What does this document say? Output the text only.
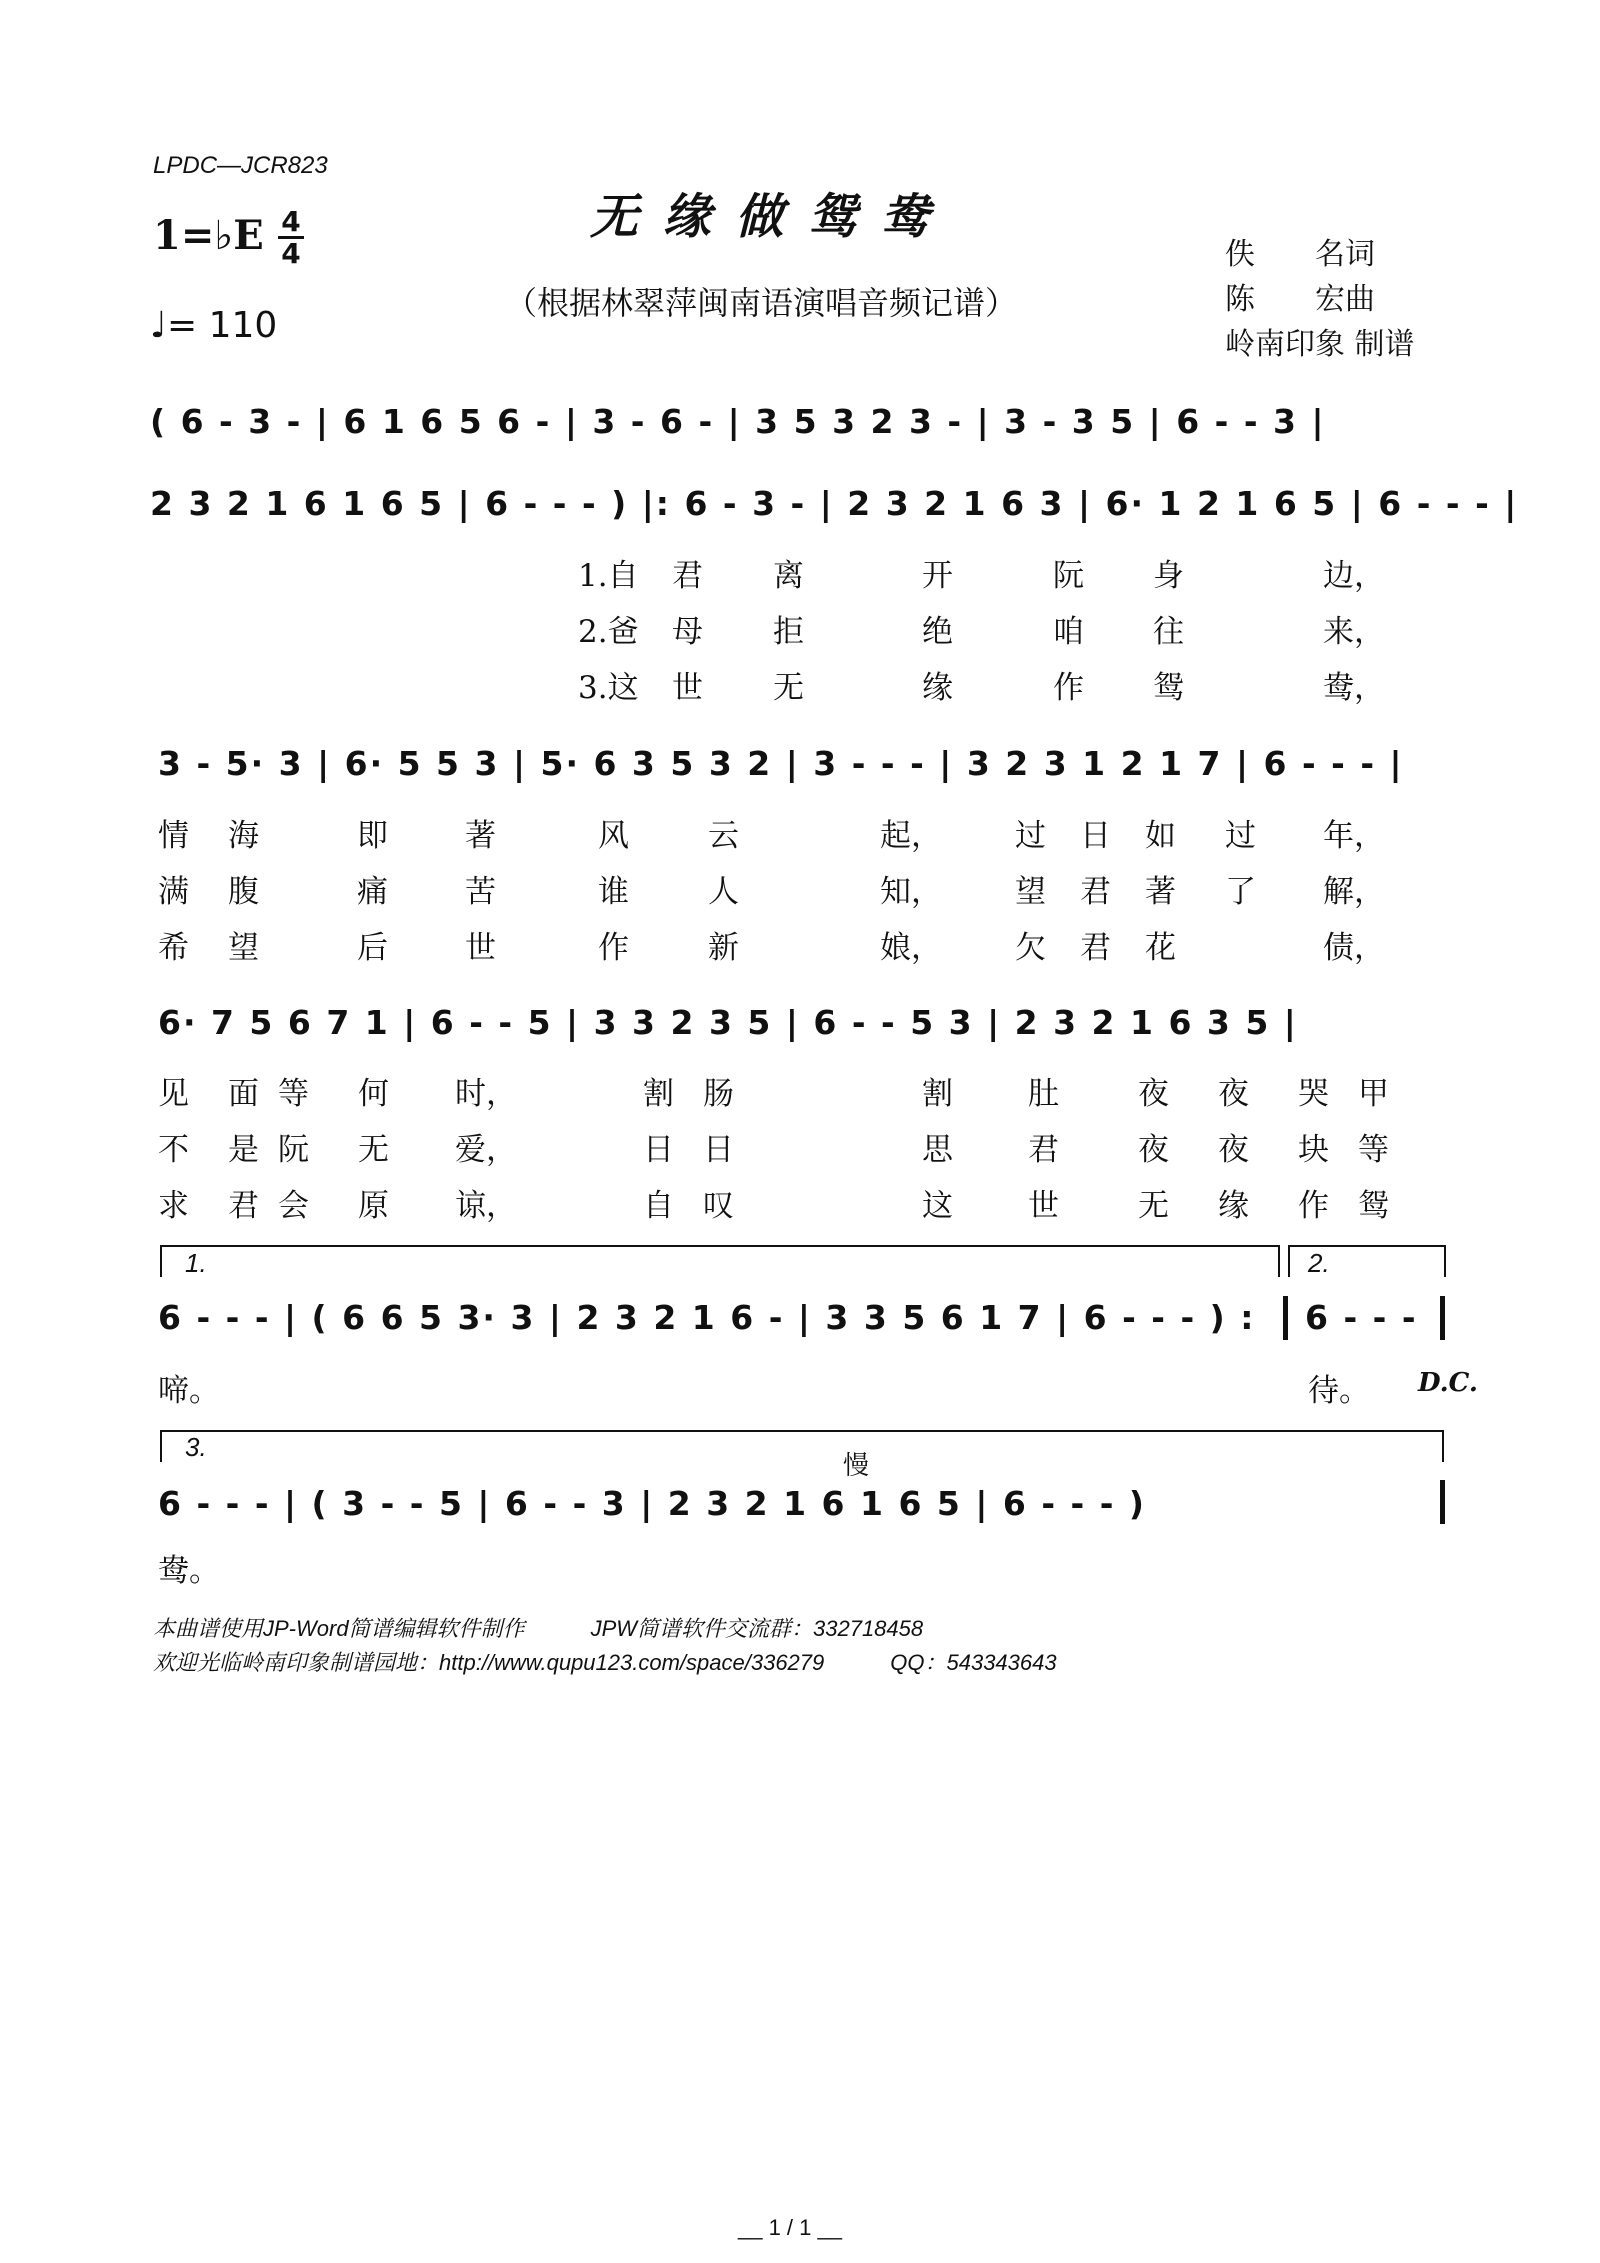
LPDC—JCR823
无 缘 做 鸳 鸯
（根据林翠萍闽南语演唱音频记谱）
1=♭E 4
4
♩= 110
佚　　名词
陈　　宏曲
岭南印象 制谱
( 6 - 3 - | 6 1 6 5 6 - | 3 - 6 - | 3 5 3 2 3 - | 3 - 3 5 | 6 - - 3 |
2 3 2 1 6 1 6 5 | 6 - - - ) |: 6 - 3 - | 2 3 2 1 6 3 | 6· 1 2 1 6 5 | 6 - - - |
1.自 君 离	开	阮 身	边，
2.爸 母 拒	绝	咱 往	来，
3.这 世 无	缘	作 鸳	鸯，
3 - 5· 3 | 6· 5 5 3 | 5· 6 3 5 3 2 | 3 - - - | 3 2 3 1 2 1 7 | 6 - - - |
情 海	即 著	风	云	起， 过 日 如 过 年，
满 腹	痛 苦	谁	人	知， 望 君 著 了 解，
希 望	后 世	作	新	娘， 欠 君 花	债，
6· 7 5 6 7 1 | 6 - - 5 | 3 3 2 3 5 | 6 - - 5 3 | 2 3 2 1 6 3 5 |
见 面 等 何 时，	割 肠	割 肚	夜 夜 哭 甲
不 是 阮 无 爱，	日 日	思 君	夜 夜 块 等
求 君 会 原 谅，	自 叹	这 世	无 缘 作 鸳
1.	2.
6 - - - | ( 6 6 5 3· 3 | 2 3 2 1 6 - | 3 3 5 6 1 7 | 6 - - - ) : 6 - - -
啼。	待。 D.C.
3.
慢
6 - - - | ( 3 - - 5 | 6 - - 3 | 2 3 2 1 6 1 6 5 | 6 - - - )
鸯。
本曲谱使用JP-Word简谱编辑软件制作　　　JPW简谱软件交流群：332718458
欢迎光临岭南印象制谱园地：http://www.qupu123.com/space/336279　　　QQ：543343643
__ 1 / 1 __
